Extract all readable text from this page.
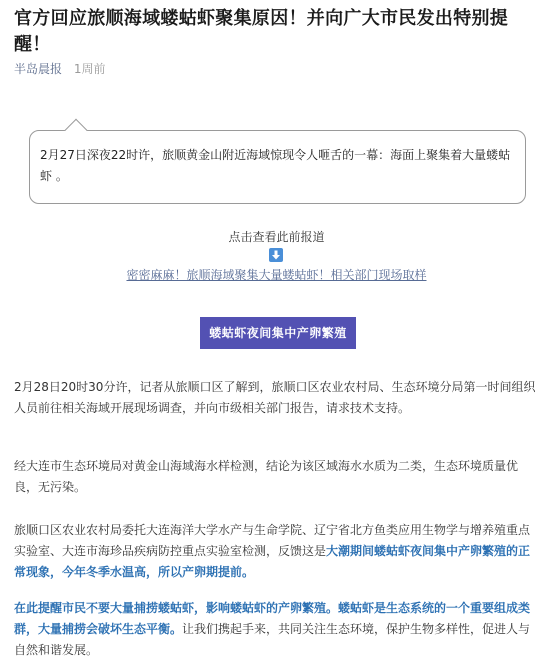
官方回应旅顺海域蝼蛄虾聚集原因！并向广大市民发出特别提醒！
半岛晨报 1周前

2月27日深夜22时许，旅顺黄金山附近海域惊现令人咂舌的一幕：海面上聚集着大量蝼蛄虾 。

点击查看此前报道
密密麻麻！旅顺海域聚集大量蝼蛄虾！相关部门现场取样
蝼蛄虾夜间集中产卵繁殖

2月28日20时30分许，记者从旅顺口区了解到，旅顺口区农业农村局、生态环境分局第一时间组织人员前往相关海域开展现场调查，并向市级相关部门报告，请求技术支持。

经大连市生态环境局对黄金山海域海水样检测，结论为该区域海水水质为二类，生态环境质量优良，无污染。

旅顺口区农业农村局委托大连海洋大学水产与生命学院、辽宁省北方鱼类应用生物学与增养殖重点实验室、大连市海珍品疾病防控重点实验室检测，反馈这是大潮期间蝼蛄虾夜间集中产卵繁殖的正常现象，今年冬季水温高，所以产卵期提前。

在此提醒市民不要大量捕捞蝼蛄虾，影响蝼蛄虾的产卵繁殖。蝼蛄虾是生态系统的一个重要组成类群，大量捕捞会破坏生态平衡。让我们携起手来，共同关注生态环境，保护生物多样性，促进人与自然和谐发展。
